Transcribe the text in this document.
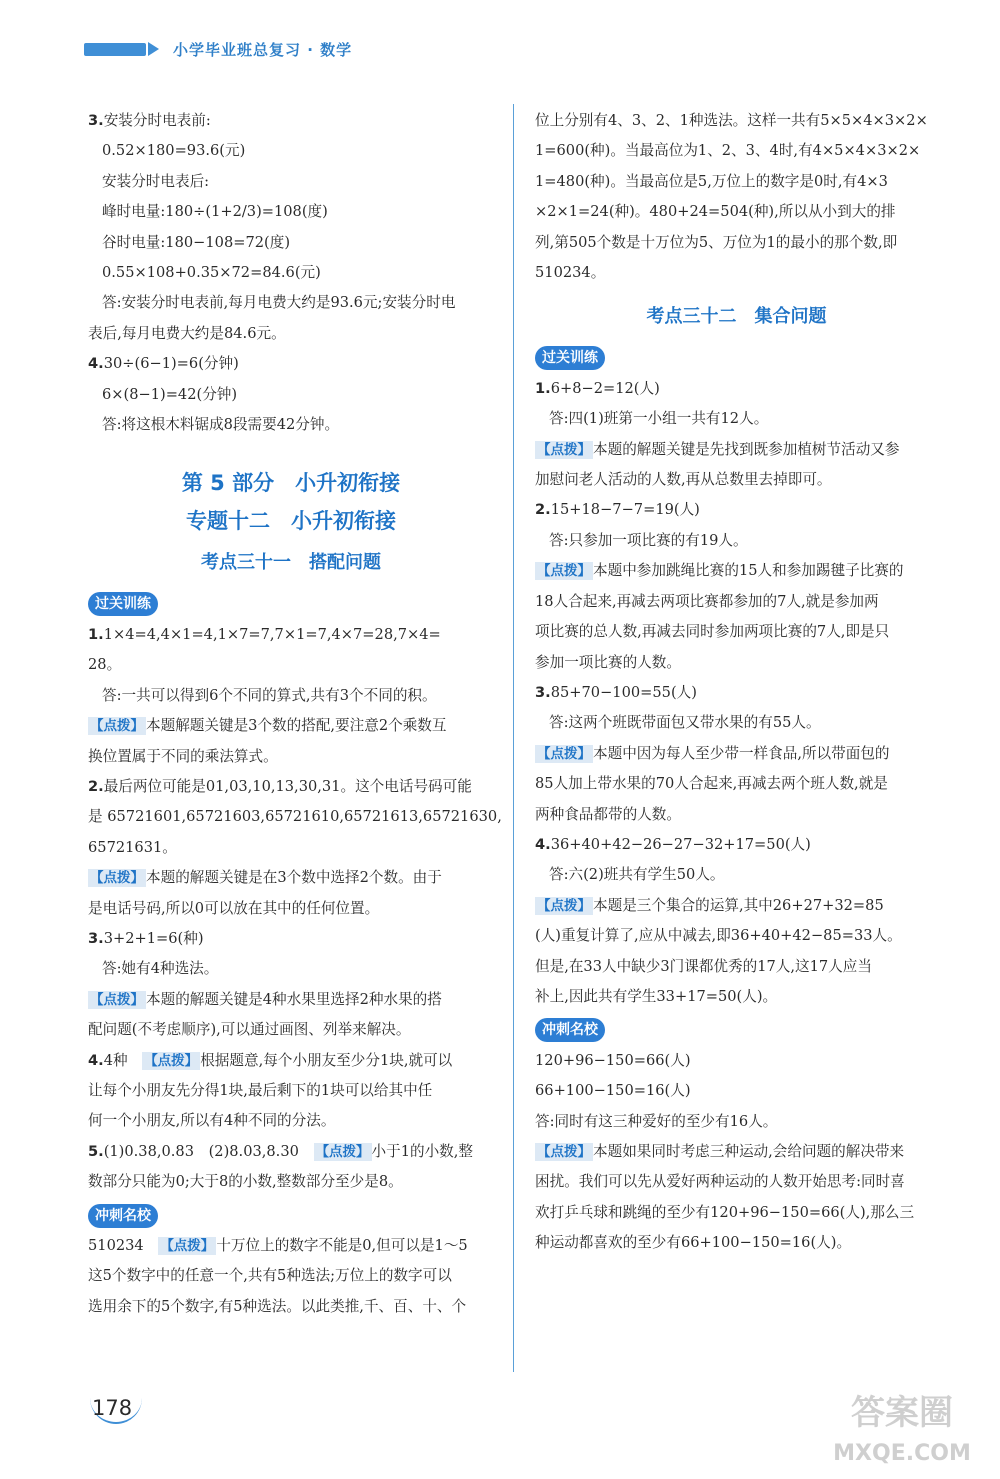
小学毕业班总复习 · 数学
3.安装分时电表前:
0.52×180=93.6(元)
安装分时电表后:
峰时电量:180÷(1+2/3)=108(度)
谷时电量:180−108=72(度)
0.55×108+0.35×72=84.6(元)
答:安装分时电表前,每月电费大约是93.6元;安装分时电
表后,每月电费大约是84.6元。
4.30÷(6−1)=6(分钟)
6×(8−1)=42(分钟)
答:将这根木料锯成8段需要42分钟。
第 5 部分　小升初衔接
专题十二　小升初衔接
考点三十一　搭配问题
过关训练
1.1×4=4,4×1=4,1×7=7,7×1=7,4×7=28,7×4=
28。
答:一共可以得到6个不同的算式,共有3个不同的积。
【点拨】 本题解题关键是3个数的搭配,要注意2个乘数互
换位置属于不同的乘法算式。
2.最后两位可能是01,03,10,13,30,31。这个电话号码可能
是 65721601,65721603,65721610,65721613,65721630,
65721631。
【点拨】 本题的解题关键是在3个数中选择2个数。由于
是电话号码,所以0可以放在其中的任何位置。
3.3+2+1=6(种)
答:她有4种选法。
【点拨】 本题的解题关键是4种水果里选择2种水果的搭
配问题(不考虑顺序),可以通过画图、列举来解决。
4.4种　【点拨】 根据题意,每个小朋友至少分1块,就可以
让每个小朋友先分得1块,最后剩下的1块可以给其中任
何一个小朋友,所以有4种不同的分法。
5.(1)0.38,0.83　(2)8.03,8.30　【点拨】 小于1的小数,整
数部分只能为0;大于8的小数,整数部分至少是8。
冲刺名校
510234　【点拨】 十万位上的数字不能是0,但可以是1～5
这5个数字中的任意一个,共有5种选法;万位上的数字可以
选用余下的5个数字,有5种选法。以此类推,千、百、十、个
位上分别有4、3、2、1种选法。这样一共有5×5×4×3×2×
1=600(种)。当最高位为1、2、3、4时,有4×5×4×3×2×
1=480(种)。当最高位是5,万位上的数字是0时,有4×3
×2×1=24(种)。480+24=504(种),所以从小到大的排
列,第505个数是十万位为5、万位为1的最小的那个数,即
510234。
考点三十二　集合问题
过关训练
1.6+8−2=12(人)
答:四(1)班第一小组一共有12人。
【点拨】 本题的解题关键是先找到既参加植树节活动又参
加慰问老人活动的人数,再从总数里去掉即可。
2.15+18−7−7=19(人)
答:只参加一项比赛的有19人。
【点拨】 本题中参加跳绳比赛的15人和参加踢毽子比赛的
18人合起来,再减去两项比赛都参加的7人,就是参加两
项比赛的总人数,再减去同时参加两项比赛的7人,即是只
参加一项比赛的人数。
3.85+70−100=55(人)
答:这两个班既带面包又带水果的有55人。
【点拨】 本题中因为每人至少带一样食品,所以带面包的
85人加上带水果的70人合起来,再减去两个班人数,就是
两种食品都带的人数。
4.36+40+42−26−27−32+17=50(人)
答:六(2)班共有学生50人。
【点拨】 本题是三个集合的运算,其中26+27+32=85
(人)重复计算了,应从中减去,即36+40+42−85=33人。
但是,在33人中缺少3门课都优秀的17人,这17人应当
补上,因此共有学生33+17=50(人)。
冲刺名校
120+96−150=66(人)
66+100−150=16(人)
答:同时有这三种爱好的至少有16人。
【点拨】 本题如果同时考虑三种运动,会给问题的解决带来
困扰。我们可以先从爱好两种运动的人数开始思考:同时喜
欢打乒乓球和跳绳的至少有120+96−150=66(人),那么三
种运动都喜欢的至少有66+100−150=16(人)。
178	答案圈
MXQE.COM
